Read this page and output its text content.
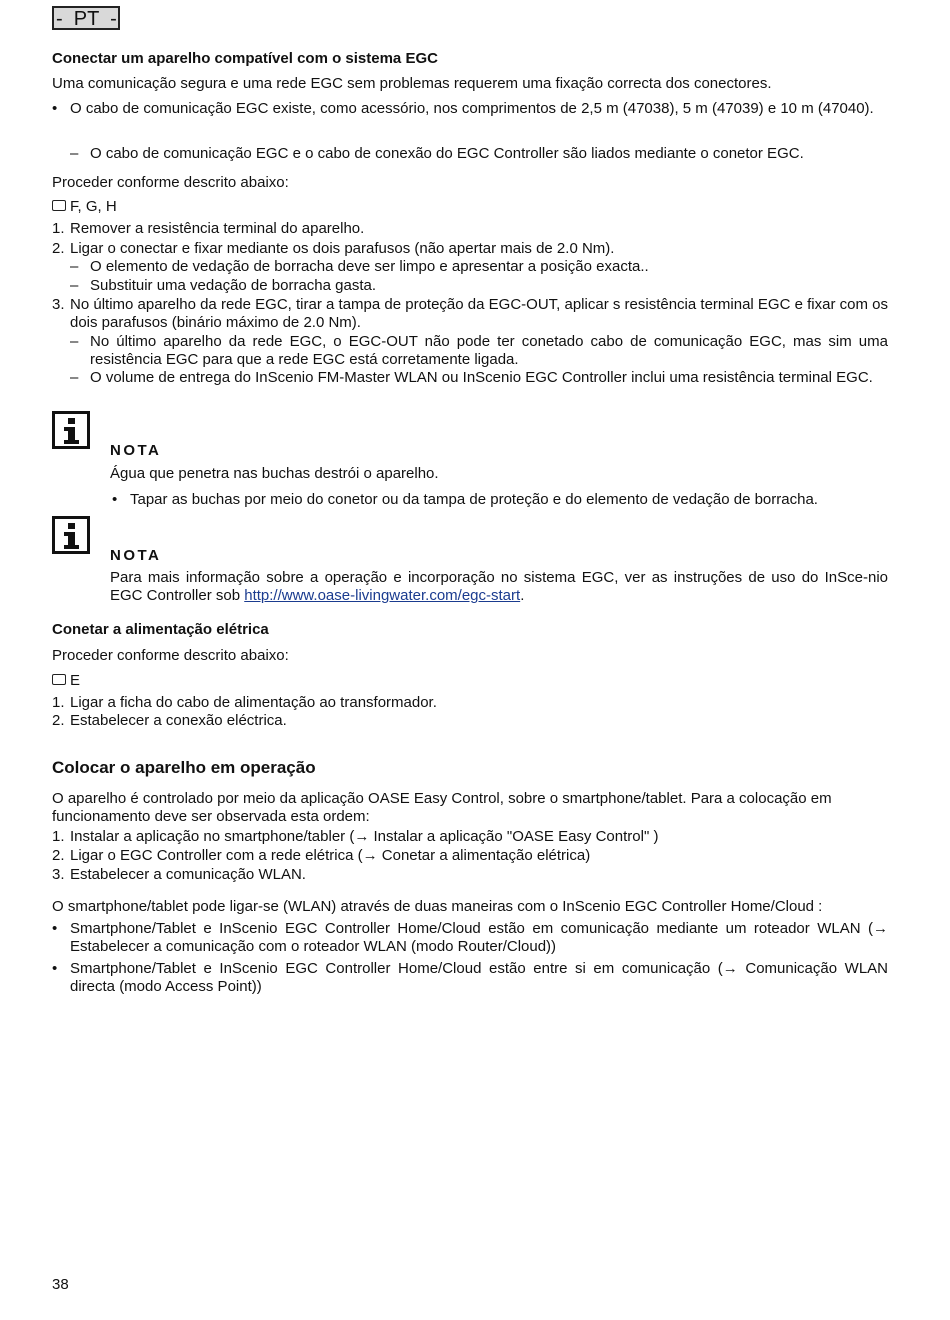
-  PT  -
Conectar um aparelho compatível com o sistema EGC
Uma comunicação segura e uma rede EGC sem problemas requerem uma fixação correcta dos conectores.
• O cabo de comunicação EGC existe, como acessório, nos comprimentos de 2,5 m (47038), 5 m (47039) e 10 m (47040).
– O cabo de comunicação EGC e o cabo de conexão do EGC Controller são liados mediante o conetor EGC.
Proceder conforme descrito abaixo:
F, G, H
1. Remover a resistência terminal do aparelho.
2. Ligar o conectar e fixar mediante os dois parafusos (não apertar mais de 2.0 Nm).
– O elemento de vedação de borracha deve ser limpo e apresentar a posição exacta..
– Substituir uma vedação de borracha gasta.
3. No último aparelho da rede EGC, tirar a tampa de proteção da EGC-OUT, aplicar s resistência terminal EGC e fixar com os dois parafusos (binário máximo de 2.0 Nm).
– No último aparelho da rede EGC, o EGC-OUT não pode ter conetado cabo de comunicação EGC, mas sim uma resistência EGC para que a rede EGC está corretamente ligada.
– O volume de entrega do InScenio FM-Master WLAN ou InScenio EGC Controller inclui uma resistência terminal EGC.
NOTA
Água que penetra nas buchas destrói o aparelho.
• Tapar as buchas por meio do conetor ou da tampa de proteção e do elemento de vedação de borracha.
NOTA
Para mais informação sobre a operação e incorporação no sistema EGC, ver as instruções de uso do InSce-nio EGC Controller sob http://www.oase-livingwater.com/egc-start.
Conetar a alimentação elétrica
Proceder conforme descrito abaixo:
E
1. Ligar a ficha do cabo de alimentação ao transformador.
2. Estabelecer a conexão eléctrica.
Colocar o aparelho em operação
O aparelho é controlado por meio da aplicação OASE Easy Control, sobre o smartphone/tablet. Para a colocação em funcionamento deve ser observada esta ordem:
1. Instalar a aplicação no smartphone/tabler (→ Instalar a aplicação "OASE Easy Control" )
2. Ligar o EGC Controller com a rede elétrica (→ Conetar a alimentação elétrica)
3. Estabelecer a comunicação WLAN.
O smartphone/tablet pode ligar-se (WLAN) através de duas maneiras com o InScenio EGC Controller Home/Cloud :
• Smartphone/Tablet e InScenio EGC Controller Home/Cloud estão em comunicação mediante um roteador WLAN (→ Estabelecer a comunicação com o roteador WLAN (modo Router/Cloud))
• Smartphone/Tablet e InScenio EGC Controller Home/Cloud estão entre si em comunicação (→ Comunicação WLAN directa (modo Access Point))
38
